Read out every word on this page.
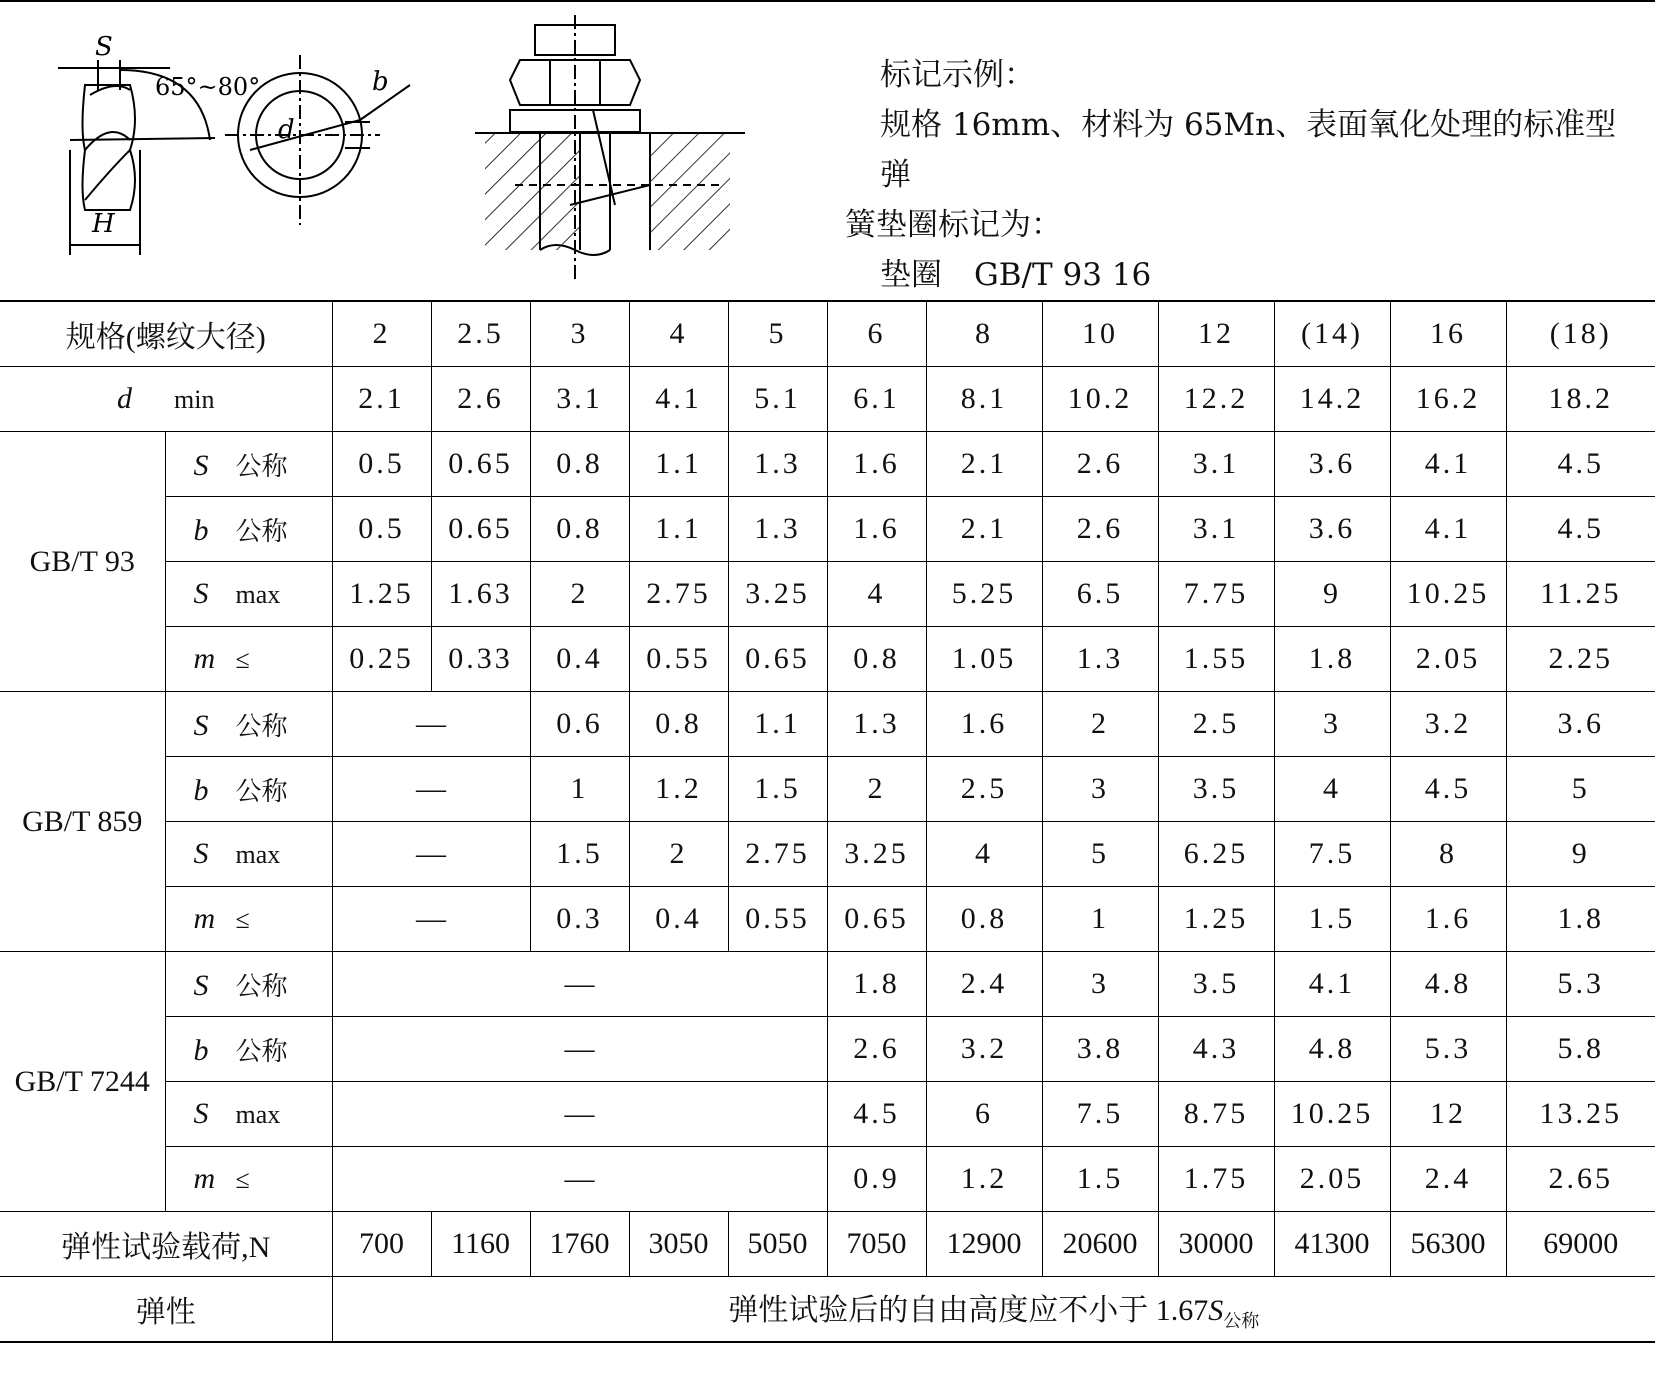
S
H
d
b
65°~80°	标记示例：
规格 16mm、材料为 65Mn、表面氧化处理的标准型弹
簧垫圈标记为：
垫圈 GB/T 93 16
规格(螺纹大径)		2	2.5	3	4	5	6	8	10	12	(14)	16	(18)
d min		2.1	2.6	3.1	4.1	5.1	6.1	8.1	10.2	12.2	14.2	16.2	18.2
GB/T 93	S 公称	0.5	0.65	0.8	1.1	1.3	1.6	2.1	2.6	3.1	3.6	4.1	4.5
	b 公称	0.5	0.65	0.8	1.1	1.3	1.6	2.1	2.6	3.1	3.6	4.1	4.5
	S max	1.25	1.63	2	2.75	3.25	4	5.25	6.5	7.75	9	10.25	11.25
	m ≤	0.25	0.33	0.4	0.55	0.65	0.8	1.05	1.3	1.55	1.8	2.05	2.25
GB/T 859	S 公称	—		0.6	0.8	1.1	1.3	1.6	2	2.5	3	3.2	3.6
	b 公称	—		1	1.2	1.5	2	2.5	3	3.5	4	4.5	5
	S max	—		1.5	2	2.75	3.25	4	5	6.25	7.5	8	9
	m ≤	—		0.3	0.4	0.55	0.65	0.8	1	1.25	1.5	1.6	1.8
GB/T 7244	S 公称	—					1.8	2.4	3	3.5	4.1	4.8	5.3
	b 公称	—					2.6	3.2	3.8	4.3	4.8	5.3	5.8
	S max	—					4.5	6	7.5	8.75	10.25	12	13.25
	m ≤	—					0.9	1.2	1.5	1.75	2.05	2.4	2.65
弹性试验载荷,N		700	1160	1760	3050	5050	7050	12900	20600	30000	41300	56300	69000
弹性		弹性试验后的自由高度应不小于 $1.67S_{公称}$
